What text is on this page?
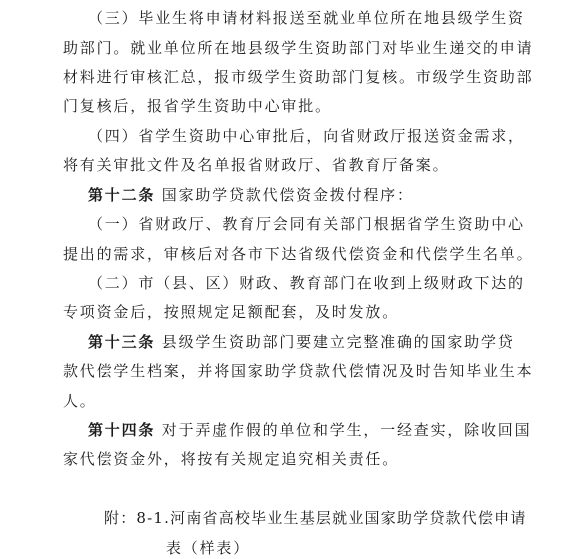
（三）毕业生将申请材料报送至就业单位所在地县级学生资
助部门。就业单位所在地县级学生资助部门对毕业生递交的申请
材料进行审核汇总，报市级学生资助部门复核。市级学生资助部
门复核后，报省学生资助中心审批。
（四）省学生资助中心审批后，向省财政厅报送资金需求，
将有关审批文件及名单报省财政厅、省教育厅备案。
第十二条 国家助学贷款代偿资金拨付程序：
（一）省财政厅、教育厅会同有关部门根据省学生资助中心
提出的需求，审核后对各市下达省级代偿资金和代偿学生名单。
（二）市（县、区）财政、教育部门在收到上级财政下达的
专项资金后，按照规定足额配套，及时发放。
第十三条 县级学生资助部门要建立完整准确的国家助学贷
款代偿学生档案，并将国家助学贷款代偿情况及时告知毕业生本
人。
第十四条 对于弄虚作假的单位和学生，一经查实，除收回国
家代偿资金外，将按有关规定追究相关责任。
附：8-1.河南省高校毕业生基层就业国家助学贷款代偿申请
表（样表）
